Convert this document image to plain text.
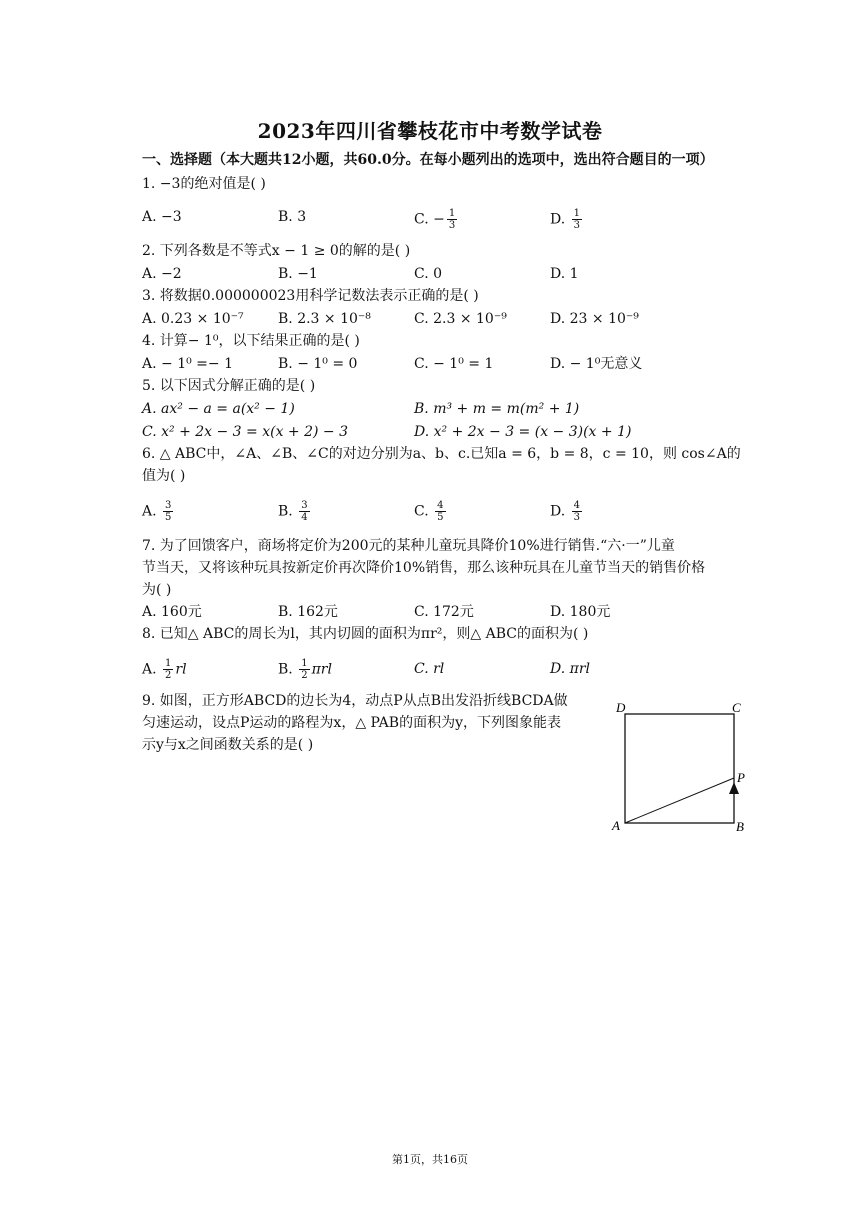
2023年四川省攀枝花市中考数学试卷
一、选择题（本大题共12小题，共60.0分。在每小题列出的选项中，选出符合题目的一项）
1. −3的绝对值是( )
A. −3	B. 3	C. − $\frac{1}{3}$	D. $\frac{1}{3}$
2. 下列各数是不等式x − 1 ≥ 0的解的是( )
A. −2	B. −1	C. 0	D. 1
3. 将数据0.000000023用科学记数法表示正确的是( )
A. 0.23 × 10⁻⁷ B. 2.3 × 10⁻⁸	C. 2.3 × 10⁻⁹	D. 23 × 10⁻⁹
4. 计算− 1⁰，以下结果正确的是( )
A. − 1⁰ =− 1	B. − 1⁰ = 0	C. − 1⁰ = 1	D. − 1⁰无意义
5. 以下因式分解正确的是( )
A. ax² − a = a(x² − 1)	B. m³ + m = m(m² + 1)
C. x² + 2x − 3 = x(x + 2) − 3	D. x² + 2x − 3 = (x − 3)(x + 1)
6. △ ABC中，∠A、∠B、∠C的对边分别为a、b、c.已知a = 6，b = 8，c = 10，则 cos∠A的
值为( )
A. $\frac{3}{5}$	B. $\frac{3}{4}$	C. $\frac{4}{5}$	D. $\frac{4}{3}$
7. 为了回馈客户，商场将定价为200元的某种儿童玩具降价10%进行销售.“六·一”儿童
节当天，又将该种玩具按新定价再次降价10%销售，那么该种玩具在儿童节当天的销售价格
为( )
A. 160元	B. 162元	C. 172元	D. 180元
8. 已知△ ABC的周长为l，其内切圆的面积为πr²，则△ ABC的面积为( )
A. $\frac{1}{2}$ rl	B. $\frac{1}{2}$ πrl	C. rl	D. πrl
9. 如图，正方形ABCD的边长为4，动点P从点B出发沿折线BCDA做
匀速运动，设点P运动的路程为x，△ PAB的面积为y，下列图象能表
示y与x之间函数关系的是( )
D	C
P
A	B
第1页，共16页
